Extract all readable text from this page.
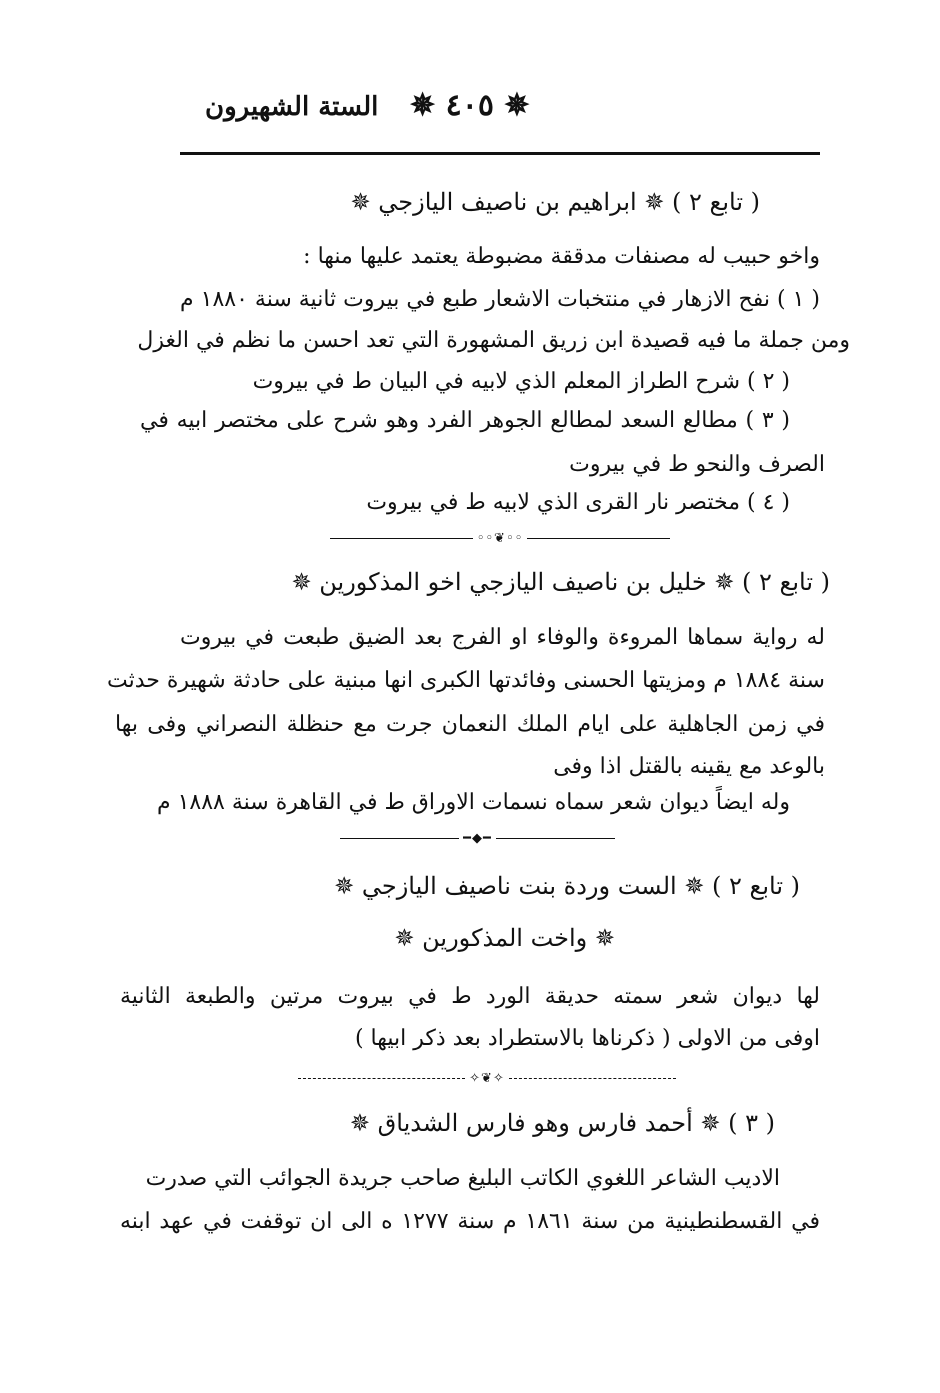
الستة الشهيرون ✵ ٤٠٥ ✵
( تابع ٢ ) ✵ ابراهيم بن ناصيف اليازجي ✵
واخو حبيب له مصنفات مدققة مضبوطة يعتمد عليها منها :
( ١ ) نفح الازهار في منتخبات الاشعار طبع في بيروت ثانية سنة ١٨٨٠ م
ومن جملة ما فيه قصيدة ابن زريق المشهورة التي تعد احسن ما نظم في الغزل
( ٢ ) شرح الطراز المعلم الذي لابيه في البيان ط في بيروت
( ٣ ) مطالع السعد لمطالع الجوهر الفرد وهو شرح على مختصر ابيه في
الصرف والنحو ط في بيروت
( ٤ ) مختصر نار القرى الذي لابيه ط في بيروت
◦◦❦◦◦
( تابع ٢ ) ✵ خليل بن ناصيف اليازجي اخو المذكورين ✵
له رواية سماها المروءة والوفاء او الفرج بعد الضيق طبعت في بيروت
سنة ١٨٨٤ م ومزيتها الحسنى وفائدتها الكبرى انها مبنية على حادثة شهيرة حدثت
في زمن الجاهلية على ايام الملك النعمان جرت مع حنظلة النصراني وفى بها
بالوعد مع يقينه بالقتل اذا وفى
وله ايضاً ديوان شعر سماه نسمات الاوراق ط في القاهرة سنة ١٨٨٨ م
━◆━
( تابع ٢ ) ✵ الست وردة بنت ناصيف اليازجي ✵
✵ واخت المذكورين ✵
لها ديوان شعر سمته حديقة الورد ط في بيروت مرتين والطبعة الثانية
اوفى من الاولى ( ذكرناها بالاستطراد بعد ذكر ابيها )
✧❦✧
( ٣ ) ✵ أحمد فارس وهو فارس الشدياق ✵
الاديب الشاعر اللغوي الكاتب البليغ صاحب جريدة الجوائب التي صدرت
في القسطنطينية من سنة ١٨٦١ م سنة ١٢٧٧ ه الى ان توقفت في عهد ابنه
